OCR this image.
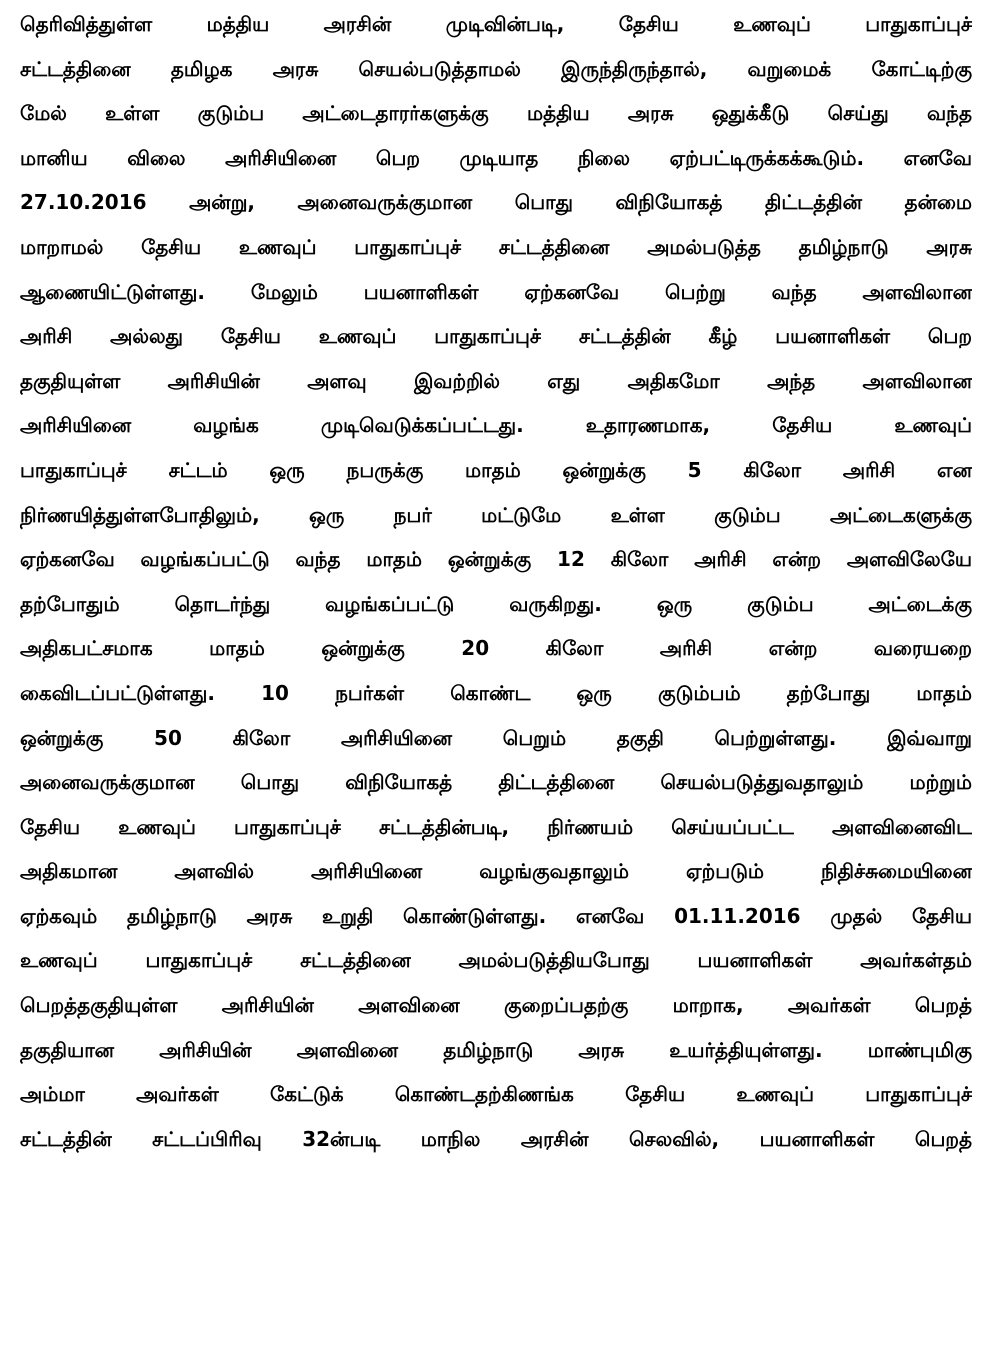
தெரிவித்துள்ள மத்திய அரசின் முடிவின்படி, தேசிய உணவுப் பாதுகாப்புச்
சட்டத்தினை தமிழக அரசு செயல்படுத்தாமல் இருந்திருந்தால், வறுமைக் கோட்டிற்கு
மேல் உள்ள குடும்ப அட்டைதாரர்களுக்கு மத்திய அரசு ஒதுக்கீடு செய்து வந்த
மானிய விலை அரிசியினை பெற முடியாத நிலை ஏற்பட்டிருக்கக்கூடும். எனவே
27.10.2016 அன்று, அனைவருக்குமான பொது விநியோகத் திட்டத்தின் தன்மை
மாறாமல் தேசிய உணவுப் பாதுகாப்புச் சட்டத்தினை அமல்படுத்த தமிழ்நாடு அரசு
ஆணையிட்டுள்ளது. மேலும் பயனாளிகள் ஏற்கனவே பெற்று வந்த அளவிலான
அரிசி அல்லது தேசிய உணவுப் பாதுகாப்புச் சட்டத்தின் கீழ் பயனாளிகள் பெற
தகுதியுள்ள அரிசியின் அளவு இவற்றில் எது அதிகமோ அந்த அளவிலான
அரிசியினை வழங்க முடிவெடுக்கப்பட்டது. உதாரணமாக, தேசிய உணவுப்
பாதுகாப்புச் சட்டம் ஒரு நபருக்கு மாதம் ஒன்றுக்கு 5 கிலோ அரிசி என
நிர்ணயித்துள்ளபோதிலும், ஒரு நபர் மட்டுமே உள்ள குடும்ப அட்டைகளுக்கு
ஏற்கனவே வழங்கப்பட்டு வந்த மாதம் ஒன்றுக்கு 12 கிலோ அரிசி என்ற அளவிலேயே
தற்போதும் தொடர்ந்து வழங்கப்பட்டு வருகிறது. ஒரு குடும்ப அட்டைக்கு
அதிகபட்சமாக மாதம் ஒன்றுக்கு 20 கிலோ அரிசி என்ற வரையறை
கைவிடப்பட்டுள்ளது. 10 நபர்கள் கொண்ட ஒரு குடும்பம் தற்போது மாதம்
ஒன்றுக்கு 50 கிலோ அரிசியினை பெறும் தகுதி பெற்றுள்ளது. இவ்வாறு
அனைவருக்குமான பொது விநியோகத் திட்டத்தினை செயல்படுத்துவதாலும் மற்றும்
தேசிய உணவுப் பாதுகாப்புச் சட்டத்தின்படி, நிர்ணயம் செய்யப்பட்ட அளவினைவிட
அதிகமான அளவில் அரிசியினை வழங்குவதாலும் ஏற்படும் நிதிச்சுமையினை
ஏற்கவும் தமிழ்நாடு அரசு உறுதி கொண்டுள்ளது. எனவே 01.11.2016 முதல் தேசிய
உணவுப் பாதுகாப்புச் சட்டத்தினை அமல்படுத்தியபோது பயனாளிகள் அவர்கள்தம்
பெறத்தகுதியுள்ள அரிசியின் அளவினை குறைப்பதற்கு மாறாக, அவர்கள் பெறத்
தகுதியான அரிசியின் அளவினை தமிழ்நாடு அரசு உயர்த்தியுள்ளது. மாண்புமிகு
அம்மா அவர்கள் கேட்டுக் கொண்டதற்கிணங்க தேசிய உணவுப் பாதுகாப்புச்
சட்டத்தின் சட்டப்பிரிவு 32ன்படி மாநில அரசின் செலவில், பயனாளிகள் பெறத்
